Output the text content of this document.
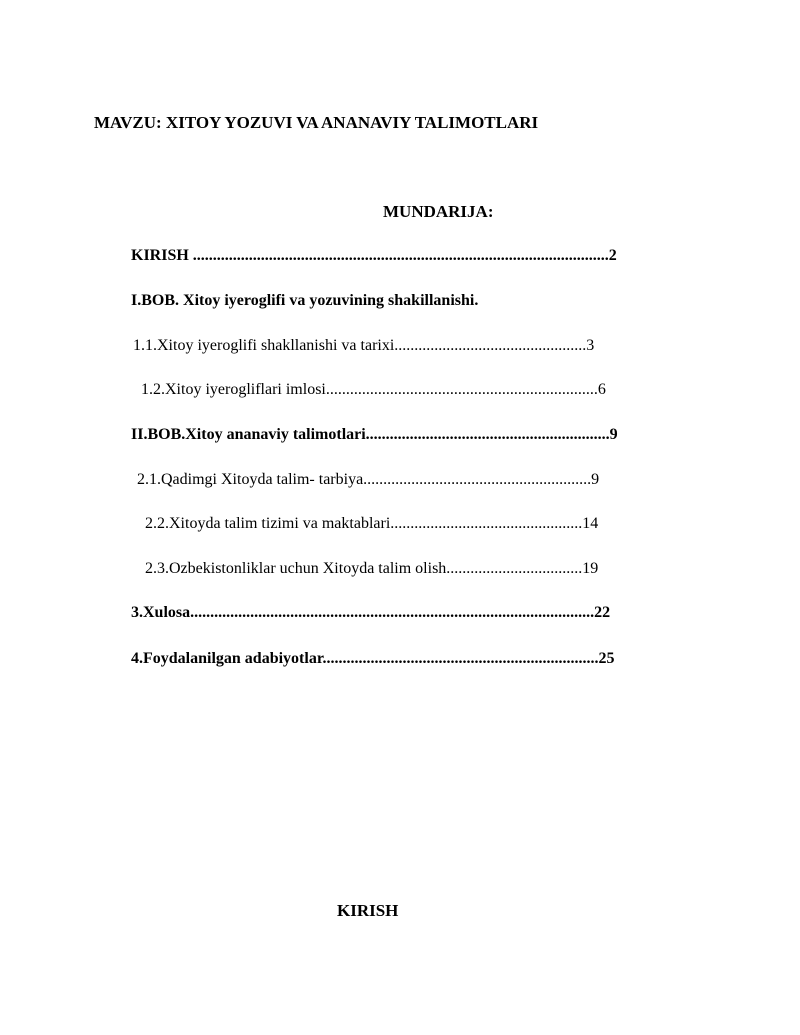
MAVZU: XITOY YOZUVI VA ANANAVIY TALIMOTLARI
MUNDARIJA:
KIRISH ........................................................................................................2
I.BOB. Xitoy iyeroglifi va yozuvining shakillanishi.
1.1.Xitoy iyeroglifi shakllanishi va tarixi................................................3
1.2.Xitoy iyerogliflari imlosi....................................................................6
II.BOB.Xitoy ananaviy talimotlari.............................................................9
2.1.Qadimgi Xitoyda talim- tarbiya.........................................................9
2.2.Xitoyda talim tizimi va maktablari................................................14
2.3.Ozbekistonliklar uchun Xitoyda talim olish..................................19
3.Xulosa.....................................................................................................22
4.Foydalanilgan adabiyotlar.....................................................................25
KIRISH
